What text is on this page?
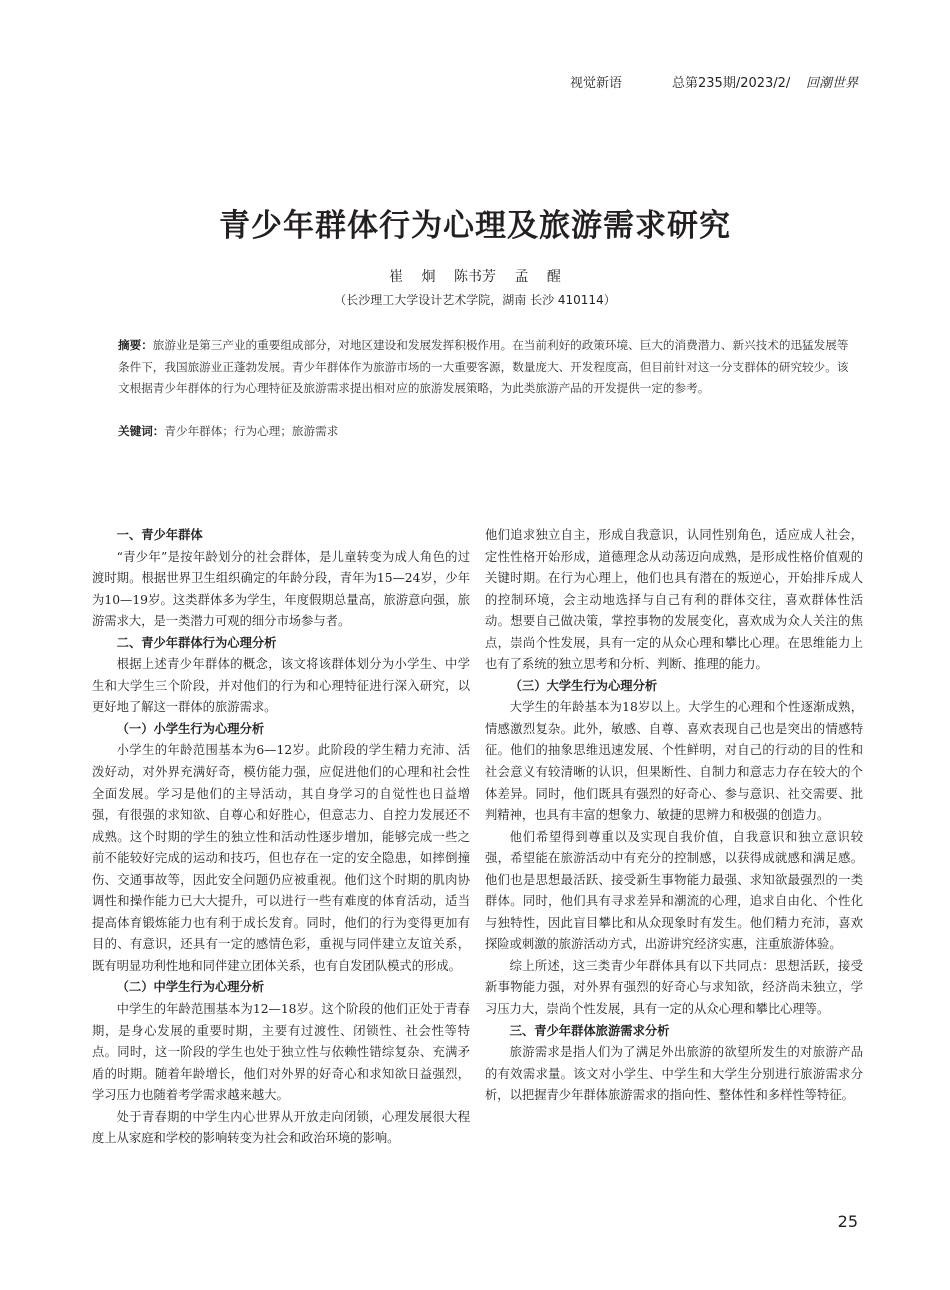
视觉新语	总第235期/2023/2/ 回潮世界
青少年群体行为心理及旅游需求研究
崔 炯 陈书芳 孟 醒
（长沙理工大学设计艺术学院，湖南 长沙 410114）
摘要：旅游业是第三产业的重要组成部分，对地区建设和发展发挥积极作用。在当前利好的政策环境、巨大的消费潜力、新兴技术的迅猛发展等条件下，我国旅游业正蓬勃发展。青少年群体作为旅游市场的一大重要客源，数量庞大、开发程度高，但目前针对这一分支群体的研究较少。该文根据青少年群体的行为心理特征及旅游需求提出相对应的旅游发展策略，为此类旅游产品的开发提供一定的参考。
关键词：青少年群体；行为心理；旅游需求
一、青少年群体

“青少年”是按年龄划分的社会群体，是儿童转变为成人角色的过渡时期。根据世界卫生组织确定的年龄分段，青年为15—24岁，少年为10—19岁。这类群体多为学生，年度假期总量高，旅游意向强，旅游需求大，是一类潜力可观的细分市场参与者。

二、青少年群体行为心理分析

根据上述青少年群体的概念，该文将该群体划分为小学生、中学生和大学生三个阶段，并对他们的行为和心理特征进行深入研究，以更好地了解这一群体的旅游需求。

（一）小学生行为心理分析

小学生的年龄范围基本为6—12岁。此阶段的学生精力充沛、活泼好动，对外界充满好奇，模仿能力强，应促进他们的心理和社会性全面发展。学习是他们的主导活动，其自身学习的自觉性也日益增强，有很强的求知欲、自尊心和好胜心，但意志力、自控力发展还不成熟。这个时期的学生的独立性和活动性逐步增加，能够完成一些之前不能较好完成的运动和技巧，但也存在一定的安全隐患，如摔倒撞伤、交通事故等，因此安全问题仍应被重视。他们这个时期的肌肉协调性和操作能力已大大提升，可以进行一些有难度的体育活动，适当提高体育锻炼能力也有利于成长发育。同时，他们的行为变得更加有目的、有意识，还具有一定的感情色彩，重视与同伴建立友谊关系，既有明显功利性地和同伴建立团体关系，也有自发团队模式的形成。

（二）中学生行为心理分析

中学生的年龄范围基本为12—18岁。这个阶段的他们正处于青春期，是身心发展的重要时期，主要有过渡性、闭锁性、社会性等特点。同时，这一阶段的学生也处于独立性与依赖性错综复杂、充满矛盾的时期。随着年龄增长，他们对外界的好奇心和求知欲日益强烈，学习压力也随着考学需求越来越大。

处于青春期的中学生内心世界从开放走向闭锁，心理发展很大程度上从家庭和学校的影响转变为社会和政治环境的影响。

他们追求独立自主，形成自我意识，认同性别角色，适应成人社会，定性性格开始形成，道德理念从动荡迈向成熟，是形成性格价值观的关键时期。在行为心理上，他们也具有潜在的叛逆心，开始排斥成人的控制环境，会主动地选择与自己有利的群体交往，喜欢群体性活动。想要自己做决策，掌控事物的发展变化，喜欢成为众人关注的焦点，崇尚个性发展，具有一定的从众心理和攀比心理。在思维能力上也有了系统的独立思考和分析、判断、推理的能力。

（三）大学生行为心理分析

大学生的年龄基本为18岁以上。大学生的心理和个性逐渐成熟，情感激烈复杂。此外，敏感、自尊、喜欢表现自己也是突出的情感特征。他们的抽象思维迅速发展、个性鲜明，对自己的行动的目的性和社会意义有较清晰的认识，但果断性、自制力和意志力存在较大的个体差异。同时，他们既具有强烈的好奇心、参与意识、社交需要、批判精神，也具有丰富的想象力、敏捷的思辨力和极强的创造力。

他们希望得到尊重以及实现自我价值，自我意识和独立意识较强，希望能在旅游活动中有充分的控制感，以获得成就感和满足感。他们也是思想最活跃、接受新生事物能力最强、求知欲最强烈的一类群体。同时，他们具有寻求差异和潮流的心理，追求自由化、个性化与独特性，因此盲目攀比和从众现象时有发生。他们精力充沛，喜欢探险或刺激的旅游活动方式，出游讲究经济实惠，注重旅游体验。

综上所述，这三类青少年群体具有以下共同点：思想活跃，接受新事物能力强，对外界有强烈的好奇心与求知欲，经济尚未独立，学习压力大，崇尚个性发展，具有一定的从众心理和攀比心理等。

三、青少年群体旅游需求分析

旅游需求是指人们为了满足外出旅游的欲望所发生的对旅游产品的有效需求量。该文对小学生、中学生和大学生分别进行旅游需求分析，以把握青少年群体旅游需求的指向性、整体性和多样性等特征。

25
